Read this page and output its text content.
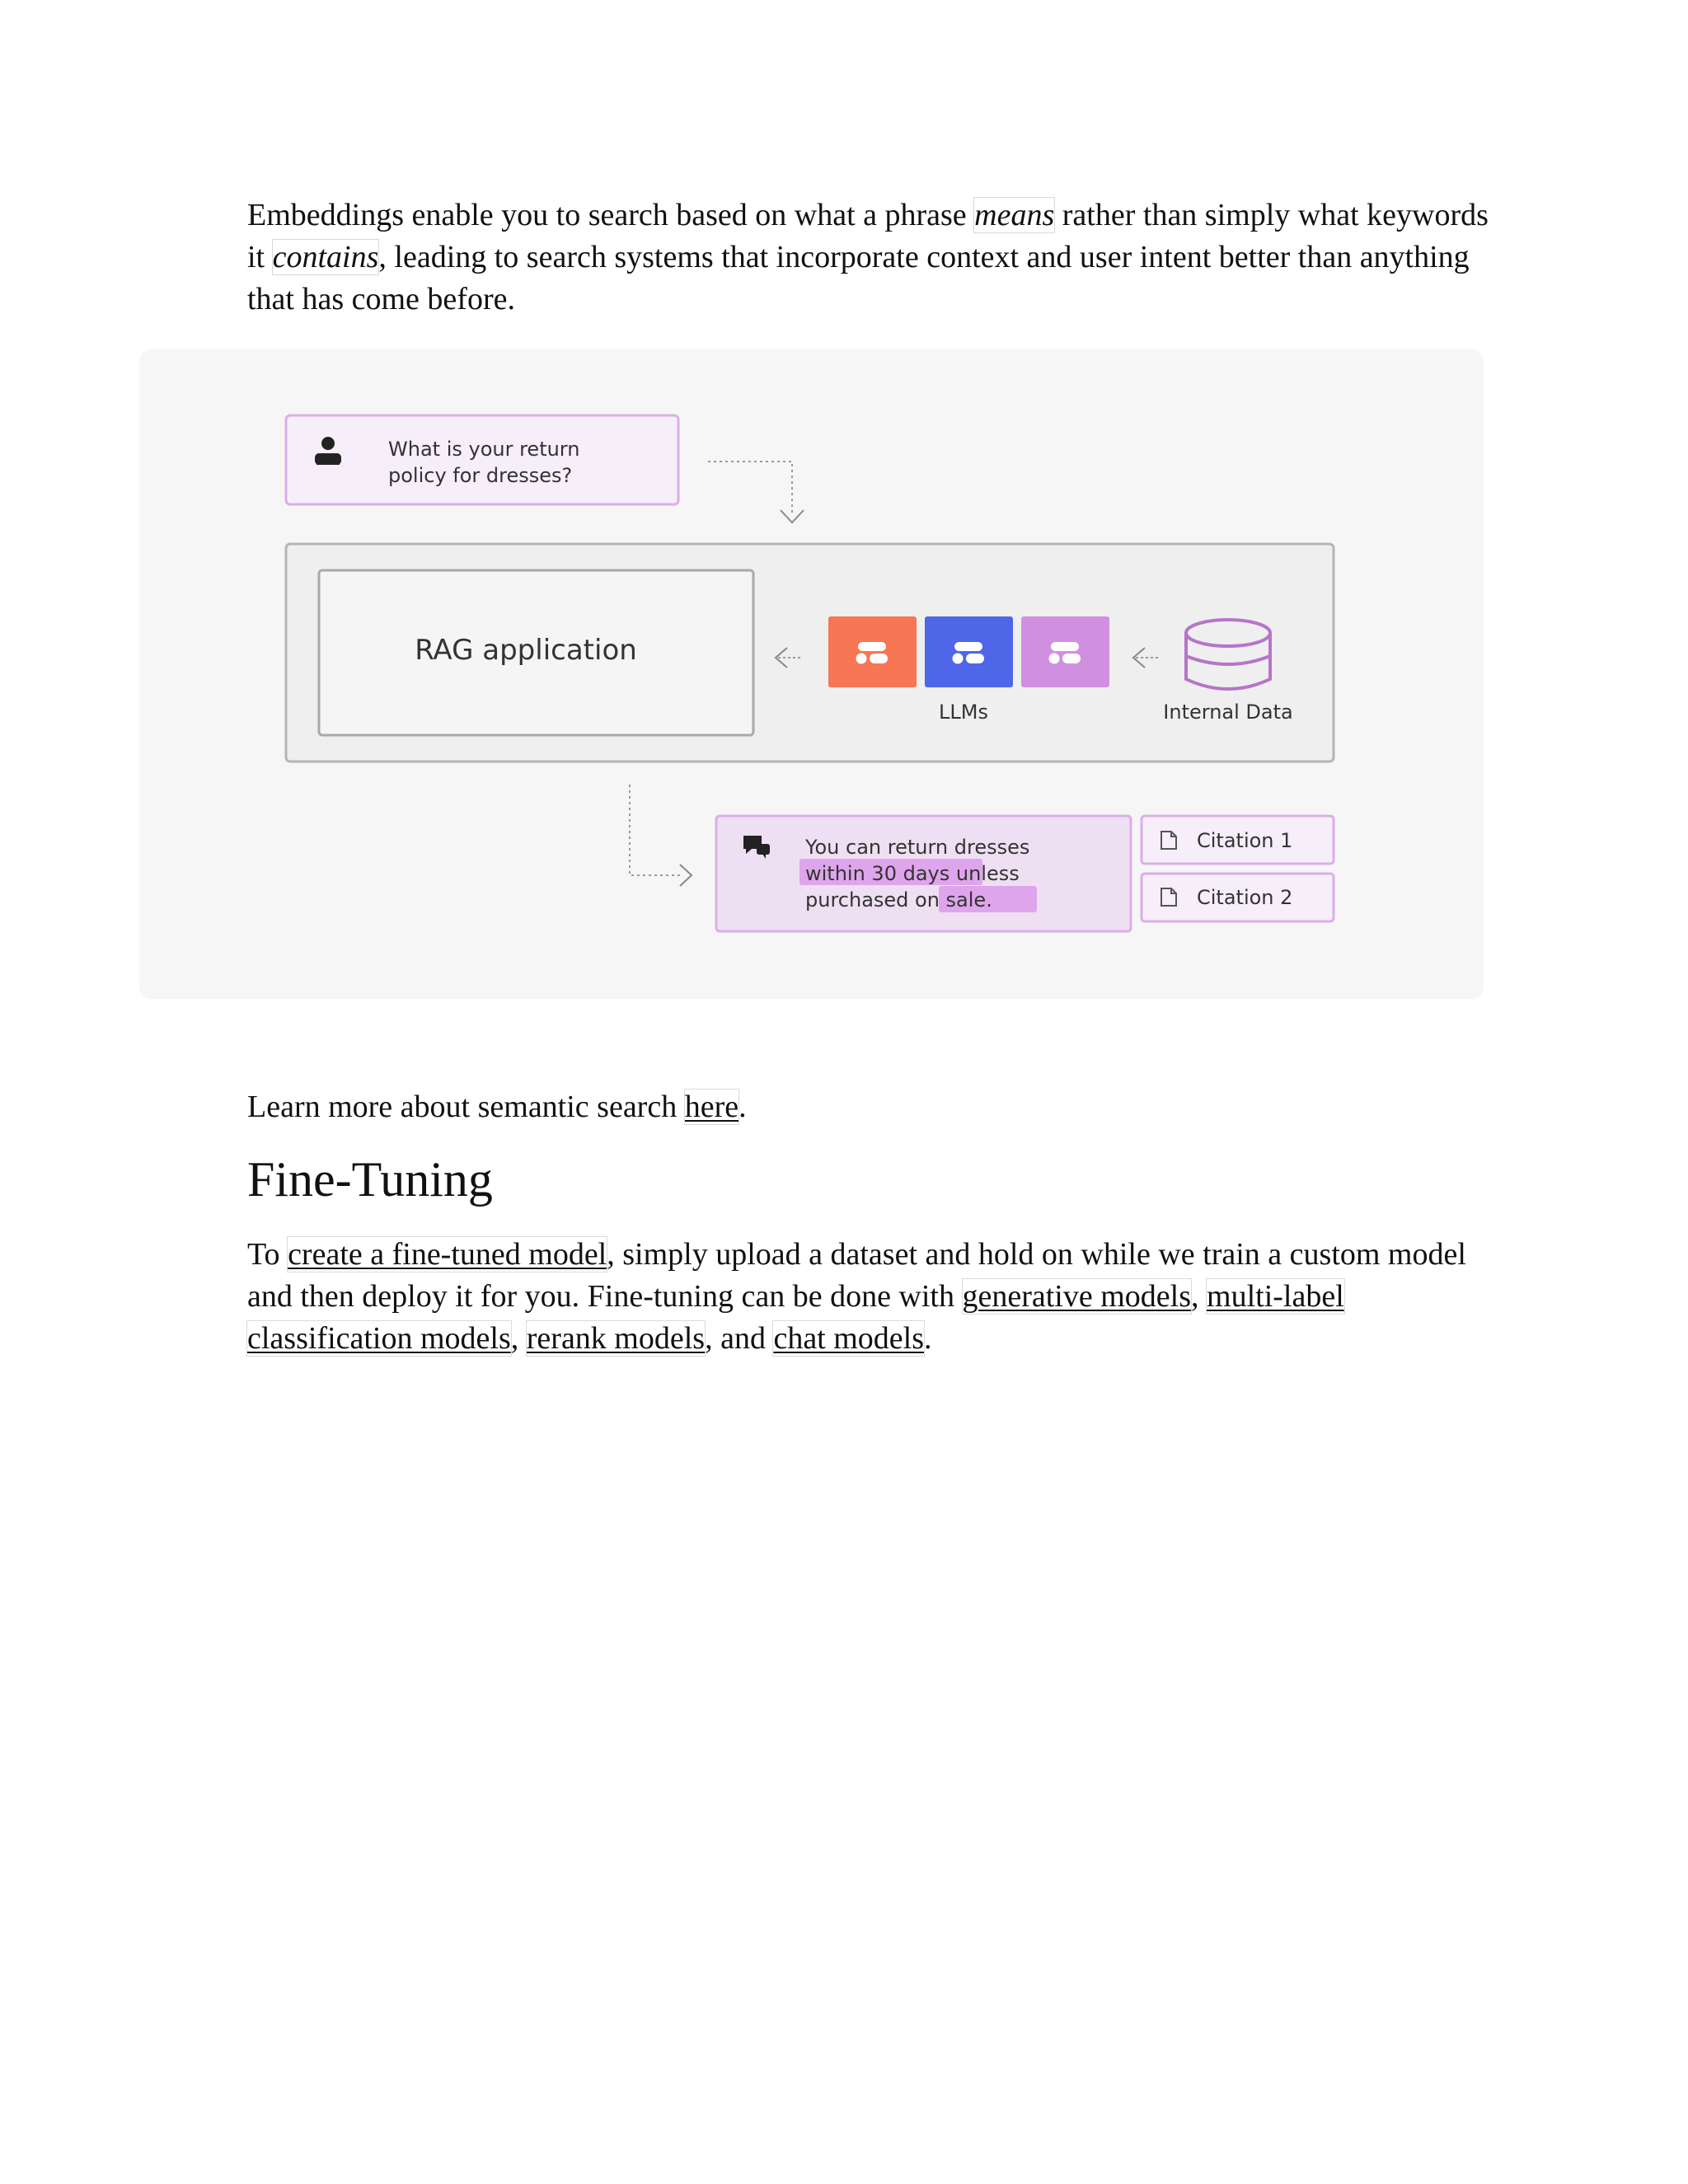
Embeddings enable you to search based on what a phrase means rather than simply what keywords it contains, leading to search systems that incorporate context and user intent better than anything that has come before.

What is your return
policy for dresses?
RAG application
LLMs	Internal Data
You can return dresses
within 30 days unless
purchased on sale.
Citation 1
Citation 2

Learn more about semantic search here.

Fine-Tuning

To create a fine-tuned model, simply upload a dataset and hold on while we train a custom model and then deploy it for you. Fine-tuning can be done with generative models, multi-label classification models, rerank models, and chat models.
